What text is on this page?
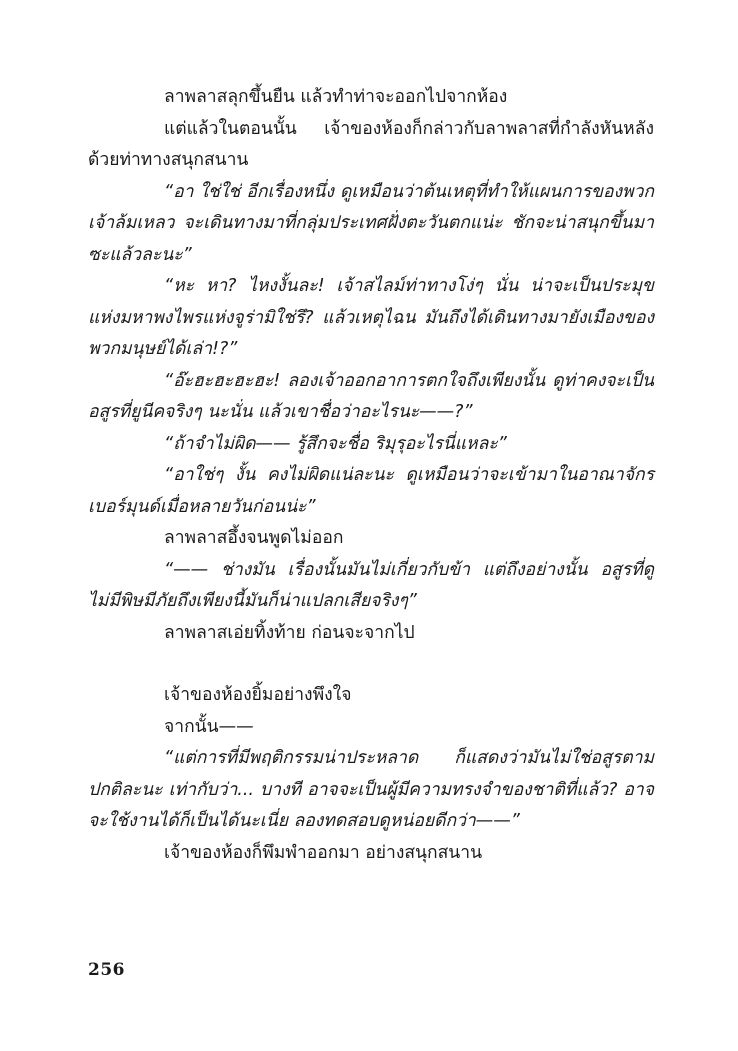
ลาพลาสลุกขึ้นยืน แล้วทำท่าจะออกไปจากห้อง

แต่แล้วในตอนนั้น เจ้าของห้องก็กล่าวกับลาพลาสที่กำลังหันหลังด้วยท่าทางสนุกสนาน

“อา ใช่ใช่ อีกเรื่องหนึ่ง ดูเหมือนว่าต้นเหตุที่ทำให้แผนการของพวกเจ้าล้มเหลว จะเดินทางมาที่กลุ่มประเทศฝั่งตะวันตกแน่ะ ชักจะน่าสนุกขึ้นมาซะแล้วละนะ”

“หะ หา? ไหงงั้นละ! เจ้าสไลม์ท่าทางโง่ๆ นั่น น่าจะเป็นประมุขแห่งมหาพงไพรแห่งจูร่ามิใช่รึ? แล้วเหตุไฉน มันถึงได้เดินทางมายังเมืองของพวกมนุษย์ได้เล่า!?”

“อ๊ะฮะฮะฮะฮะ! ลองเจ้าออกอาการตกใจถึงเพียงนั้น ดูท่าคงจะเป็นอสูรที่ยูนีคจริงๆ นะนั่น แล้วเขาชื่อว่าอะไรนะ——?”

“ถ้าจำไม่ผิด—— รู้สึกจะชื่อ ริมุรุอะไรนี่แหละ”

“อาใช่ๆ งั้น คงไม่ผิดแน่ละนะ ดูเหมือนว่าจะเข้ามาในอาณาจักรเบอร์มุนด์เมื่อหลายวันก่อนน่ะ”

ลาพลาสอึ้งจนพูดไม่ออก

“—— ช่างมัน เรื่องนั้นมันไม่เกี่ยวกับข้า แต่ถึงอย่างนั้น อสูรที่ดูไม่มีพิษมีภัยถึงเพียงนี้มันก็น่าแปลกเสียจริงๆ”

ลาพลาสเอ่ยทิ้งท้าย ก่อนจะจากไป

เจ้าของห้องยิ้มอย่างพึงใจ

จากนั้น——

“แต่การที่มีพฤติกรรมน่าประหลาด ก็แสดงว่ามันไม่ใช่อสูรตามปกติละนะ เท่ากับว่า... บางที อาจจะเป็นผู้มีความทรงจำของชาติที่แล้ว? อาจจะใช้งานได้ก็เป็นได้นะเนี่ย ลองทดสอบดูหน่อยดีกว่า——”

เจ้าของห้องก็พึมพำออกมา อย่างสนุกสนาน

256
